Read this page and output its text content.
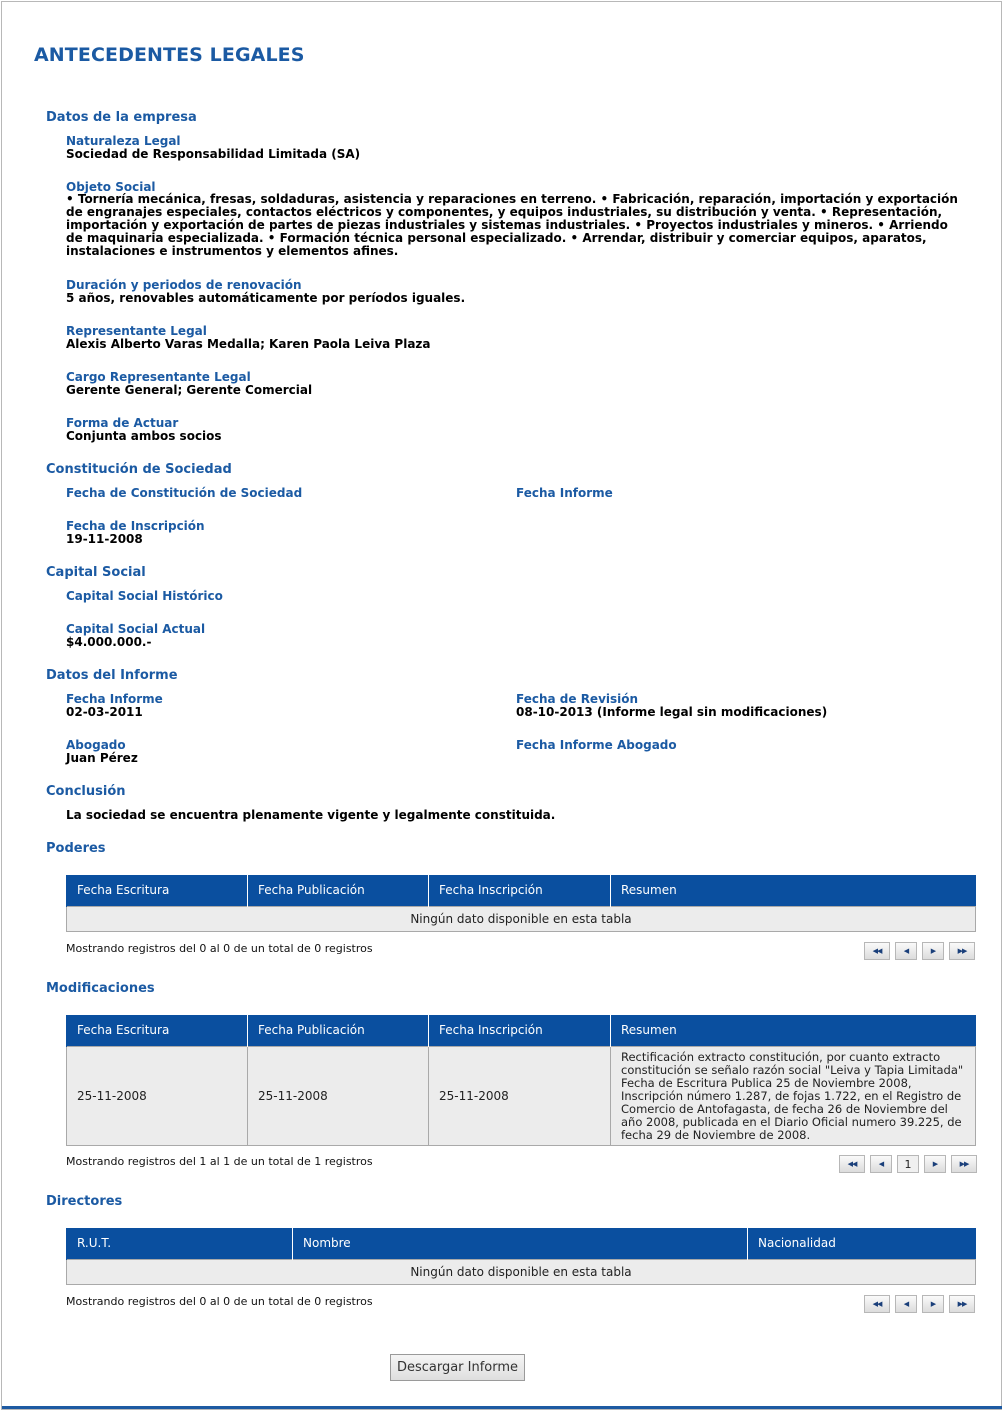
ANTECEDENTES LEGALES
Datos de la empresa
Naturaleza Legal
Sociedad de Responsabilidad Limitada (SA)
Objeto Social
• Tornería mecánica, fresas, soldaduras, asistencia y reparaciones en terreno. • Fabricación, reparación, importación y exportación de engranajes especiales, contactos eléctricos y componentes, y equipos industriales, su distribución y venta. • Representación, importación y exportación de partes de piezas industriales y sistemas industriales. • Proyectos industriales y mineros. • Arriendo de maquinaria especializada. • Formación técnica personal especializado. • Arrendar, distribuir y comerciar equipos, aparatos, instalaciones e instrumentos y elementos afines.
Duración y periodos de renovación
5 años, renovables automáticamente por períodos iguales.
Representante Legal
Alexis Alberto Varas Medalla; Karen Paola Leiva Plaza
Cargo Representante Legal
Gerente General; Gerente Comercial
Forma de Actuar
Conjunta ambos socios
Constitución de Sociedad
Fecha de Constitución de Sociedad	Fecha Informe
Fecha de Inscripción
19-11-2008
Capital Social
Capital Social Histórico
Capital Social Actual
$4.000.000.-
Datos del Informe
Fecha Informe
02-03-2011
Fecha de Revisión
08-10-2013 (Informe legal sin modificaciones)
Abogado
Juan Pérez
Fecha Informe Abogado
Conclusión
La sociedad se encuentra plenamente vigente y legalmente constituida.
Poderes
Fecha Escritura	Fecha Publicación	Fecha Inscripción	Resumen
Ningún dato disponible en esta tabla
Mostrando registros del 0 al 0 de un total de 0 registros	◀◀	◀	▶	▶▶
Modificaciones
Fecha Escritura	Fecha Publicación	Fecha Inscripción	Resumen
25-11-2008	25-11-2008	25-11-2008	Rectificación extracto constitución, por cuanto extracto constitución se señalo razón social "Leiva y Tapia Limitada" Fecha de Escritura Publica 25 de Noviembre 2008, Inscripción número 1.287, de fojas 1.722, en el Registro de Comercio de Antofagasta, de fecha 26 de Noviembre del año 2008, publicada en el Diario Oficial numero 39.225, de fecha 29 de Noviembre de 2008.
Mostrando registros del 1 al 1 de un total de 1 registros	◀◀	◀	1	▶	▶▶
Directores
R.U.T.	Nombre	Nacionalidad
Ningún dato disponible en esta tabla
Mostrando registros del 0 al 0 de un total de 0 registros	◀◀	◀	▶	▶▶
Descargar Informe
